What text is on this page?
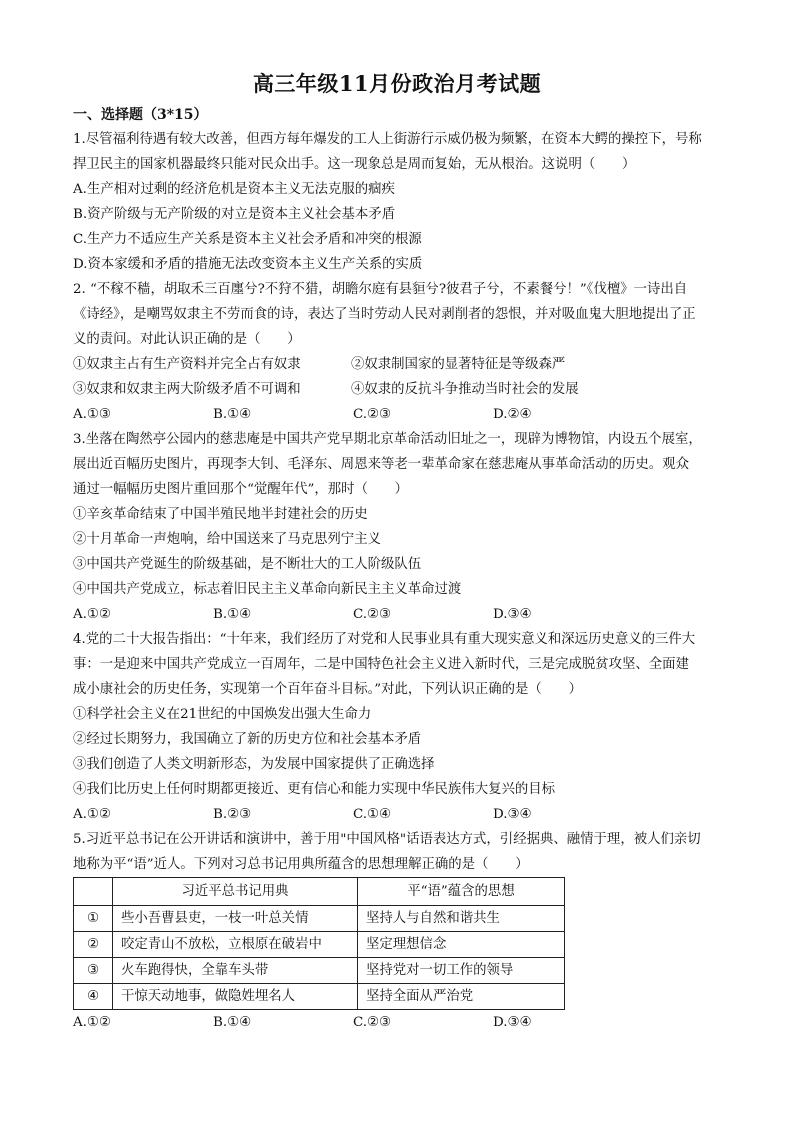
高三年级11月份政治月考试题
一、选择题（3*15）
1.尽管福利待遇有较大改善，但西方每年爆发的工人上街游行示威仍极为频繁，在资本大鳄的操控下，号称
捍卫民主的国家机器最终只能对民众出手。这一现象总是周而复始，无从根治。这说明（　　）
A.生产相对过剩的经济危机是资本主义无法克服的痼疾
B.资产阶级与无产阶级的对立是资本主义社会基本矛盾
C.生产力不适应生产关系是资本主义社会矛盾和冲突的根源
D.资本家缓和矛盾的措施无法改变资本主义生产关系的实质
2. “不稼不穑，胡取禾三百廛兮?不狩不猎，胡瞻尔庭有县貆兮?彼君子兮，不素餐兮！”《伐檀》一诗出自
《诗经》，是嘲骂奴隶主不劳而食的诗，表达了当时劳动人民对剥削者的怨恨，并对吸血鬼大胆地提出了正
义的责问。对此认识正确的是（　　）
①奴隶主占有生产资料并完全占有奴隶	②奴隶制国家的显著特征是等级森严
③奴隶和奴隶主两大阶级矛盾不可调和	④奴隶的反抗斗争推动当时社会的发展
A.①③	B.①④	C.②③	D.②④
3.坐落在陶然亭公园内的慈悲庵是中国共产党早期北京革命活动旧址之一，现辟为博物馆，内设五个展室，
展出近百幅历史图片，再现李大钊、毛泽东、周恩来等老一辈革命家在慈悲庵从事革命活动的历史。观众
通过一幅幅历史图片重回那个“觉醒年代”，那时（　　）
①辛亥革命结束了中国半殖民地半封建社会的历史
②十月革命一声炮响，给中国送来了马克思列宁主义
③中国共产党诞生的阶级基础，是不断壮大的工人阶级队伍
④中国共产党成立，标志着旧民主主义革命向新民主主义革命过渡
A.①②	B.①④	C.②③	D.③④
4.党的二十大报告指出：“十年来，我们经历了对党和人民事业具有重大现实意义和深远历史意义的三件大
事：一是迎来中国共产党成立一百周年，二是中国特色社会主义进入新时代，三是完成脱贫攻坚、全面建
成小康社会的历史任务，实现第一个百年奋斗目标。”对此，下列认识正确的是（　　）
①科学社会主义在21世纪的中国焕发出强大生命力
②经过长期努力，我国确立了新的历史方位和社会基本矛盾
③我们创造了人类文明新形态，为发展中国家提供了正确选择
④我们比历史上任何时期都更接近、更有信心和能力实现中华民族伟大复兴的目标
A.①②	B.②③	C.①④	D.③④
5.习近平总书记在公开讲话和演讲中，善于用"中国风格"话语表达方式，引经据典、融情于理，被人们亲切
地称为平“语”近人。下列对习总书记用典所蕴含的思想理解正确的是（　　）
	习近平总书记用典	平“语”蕴含的思想
①	些小吾曹县吏，一枝一叶总关情	坚持人与自然和谐共生
②	咬定青山不放松，立根原在破岩中	坚定理想信念
③	火车跑得快，全靠车头带	坚持党对一切工作的领导
④	干惊天动地事，做隐姓埋名人	坚持全面从严治党
A.①②	B.①④	C.②③	D.③④
